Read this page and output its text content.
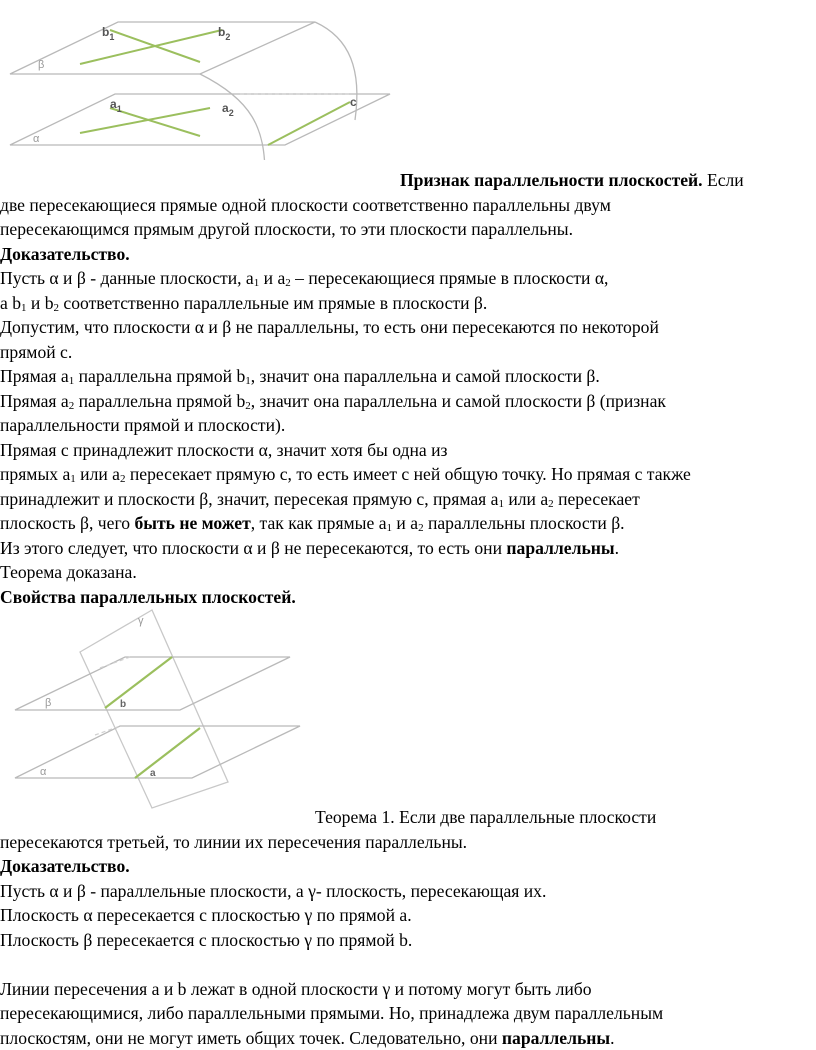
$b_1$	$b_2$
$a_1$	$a_2$
c
β
α
Признак параллельности плоскостей. Если
две пересекающиеся прямые одной плоскости соответственно параллельны двум
пересекающимся прямым другой плоскости, то эти плоскости параллельны.
Доказательство.
Пусть α и β - данные плоскости, $a_1$ и $a_2$ – пересекающиеся прямые в плоскости α,
a $b_1$ и $b_2$ соответственно параллельные им прямые в плоскости β.
Допустим, что плоскости α и β не параллельны, то есть они пересекаются по некоторой
прямой с.
Прямая $a_1$ параллельна прямой $b_1$, значит она параллельна и самой плоскости β.
Прямая $a_2$ параллельна прямой $b_2$, значит она параллельна и самой плоскости β (признак
параллельности прямой и плоскости).
Прямая с принадлежит плоскости α, значит хотя бы одна из
прямых $a_1$ или $a_2$ пересекает прямую с, то есть имеет с ней общую точку. Но прямая с также
принадлежит и плоскости β, значит, пересекая прямую с, прямая $a_1$ или $a_2$ пересекает
плоскость β, чего быть не может, так как прямые $a_1$ и $a_2$ параллельны плоскости β.
Из этого следует, что плоскости α и β не пересекаются, то есть они параллельны.
Теорема доказана.
Свойства параллельных плоскостей.
γ
β	b
α	a
Теорема 1. Если две параллельные плоскости
пересекаются третьей, то линии их пересечения параллельны.
Доказательство.
Пусть α и β - параллельные плоскости, а γ- плоскость, пересекающая их.
Плоскость α пересекается с плоскостью γ по прямой a.
Плоскость β пересекается с плоскостью γ по прямой b.
Линии пересечения a и b лежат в одной плоскости γ и потому могут быть либо
пересекающимися, либо параллельными прямыми. Но, принадлежа двум параллельным
плоскостям, они не могут иметь общих точек. Следовательно, они параллельны.
